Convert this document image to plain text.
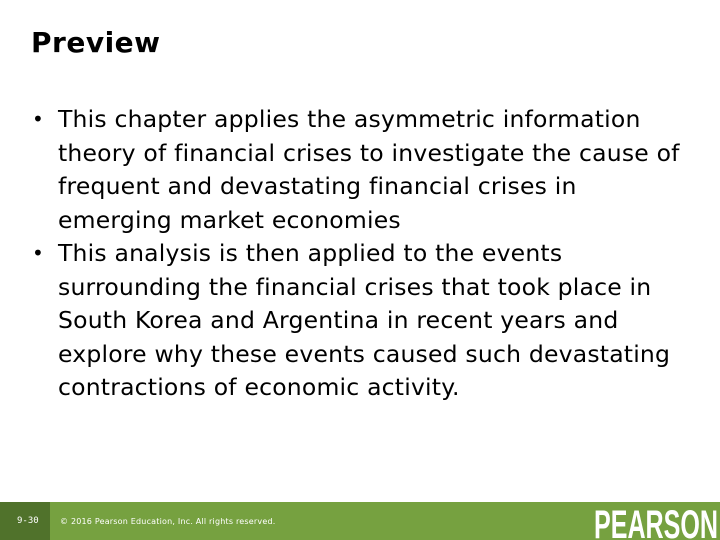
Preview
• This chapter applies the asymmetric information theory of financial crises to investigate the cause of frequent and devastating financial crises in emerging market economies
• This analysis is then applied to the events surrounding the financial crises that took place in South Korea and Argentina in recent years and explore why these events caused such devastating contractions of economic activity.
9-30	© 2016 Pearson Education, Inc. All rights reserved.	PEARSON
